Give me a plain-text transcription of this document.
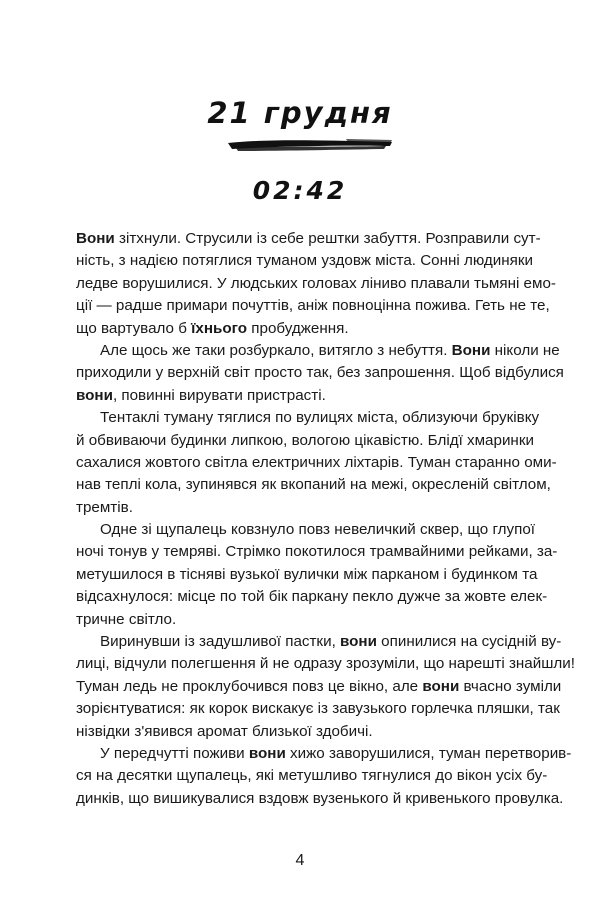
21 грудня
02:42
Вони зітхнули. Струсили із себе рештки забуття. Розправили сут-
ність, з надією потяглися туманом уздовж міста. Сонні людиняки
ледве ворушилися. У людських головах ліниво плавали тьмяні емо-
ції — радше примари почуттів, аніж повноцінна пожива. Геть не те,
що вартувало б їхнього пробудження.
Але щось же таки розбуркало, витягло з небуття. Вони ніколи не
приходили у верхній світ просто так, без запрошення. Щоб відбулися
вони, повинні вирувати пристрасті.
Тентаклі туману тяглися по вулицях міста, облизуючи бруківку
й обвиваючи будинки липкою, вологою цікавістю. Блідї хмаринки
сахалися жовтого світла електричних ліхтарів. Туман старанно оми-
нав теплі кола, зупинявся як вкопаний на межі, окресленій світлом,
тремтів.
Одне зі щупалець ковзнуло повз невеличкий сквер, що глупої
ночі тонув у темряві. Стрімко покотилося трамвайними рейками, за-
метушилося в тісняві вузької вулички між парканом і будинком та
відсахнулося: місце по той бік паркану пекло дужче за жовте елек-
тричне світло.
Виринувши із задушливої пастки, вони опинилися на сусідній ву-
лиці, відчули полегшення й не одразу зрозуміли, що нарешті знайшли!
Туман ледь не проклубочився повз це вікно, але вони вчасно зуміли
зорієнтуватися: як корок вискакує із завузького горлечка пляшки, так
нізвідки з'явився аромат близької здобичі.
У передчутті поживи вони хижо заворушилися, туман перетворив-
ся на десятки щупалець, які метушливо тягнулися до вікон усіх бу-
динків, що вишикувалися вздовж вузенького й кривенького провулка.
4
